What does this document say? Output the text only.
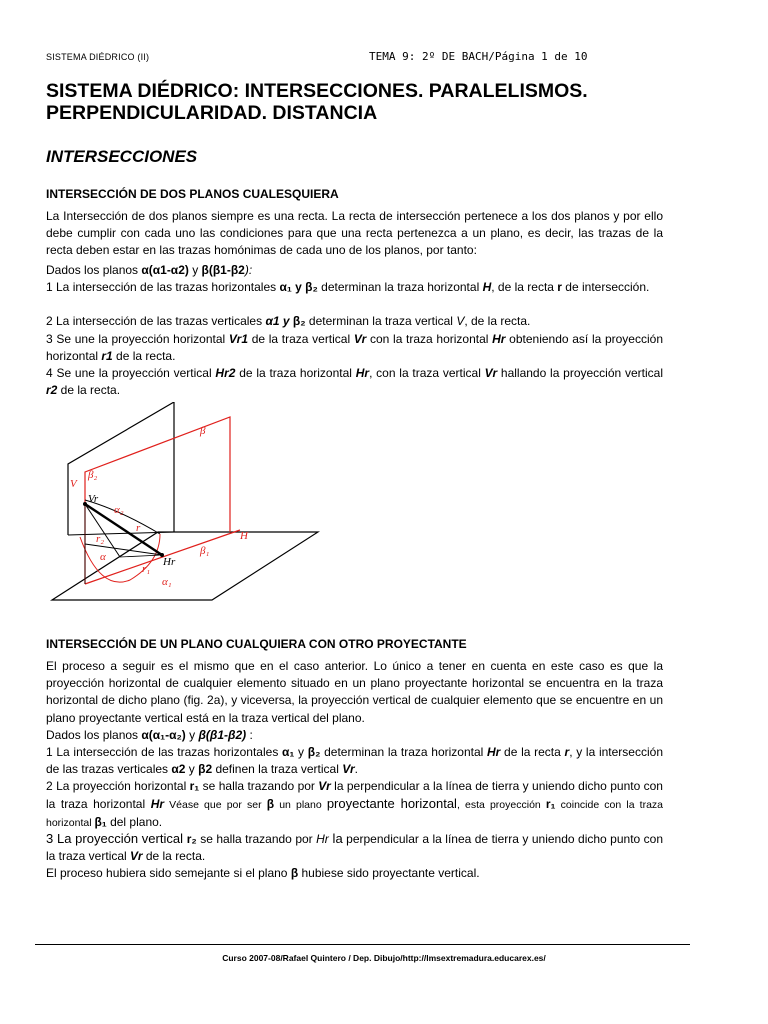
SISTEMA DIÉDRICO (II)	TEMA 9: 2º DE BACH/Página 1 de 10
SISTEMA DIÉDRICO: INTERSECCIONES. PARALELISMOS.
PERPENDICULARIDAD. DISTANCIA
INTERSECCIONES
INTERSECCIÓN DE DOS PLANOS CUALESQUIERA

La Intersección de dos planos siempre es una recta. La recta de intersección pertenece a los dos planos y por ello debe cumplir con cada uno las condiciones para que una recta pertenezca a un plano, es decir, las trazas de la recta deben estar en las trazas homónimas de cada uno de los planos, por tanto:

Dados los planos α(α1-α2) y β(β1-β2):

1 La intersección de las trazas horizontales α₁ y β₂ determinan la traza horizontal H, de la recta r de intersección.

2 La intersección de las trazas verticales α1 y β₂ determinan la traza vertical V, de la recta.

3 Se une la proyección horizontal Vr1 de la traza vertical Vr con la traza horizontal Hr obteniendo así la proyección horizontal r1 de la recta.

4 Se une la proyección vertical Hr2 de la traza horizontal Hr, con la traza vertical Vr hallando la proyección vertical r2 de la recta.

β
V
β₂
Vr
α₂
r
r₂
α
r₁
Hr
β₁
H
α₁
INTERSECCIÓN DE UN PLANO CUALQUIERA CON OTRO PROYECTANTE

El proceso a seguir es el mismo que en el caso anterior. Lo único a tener en cuenta en este caso es que la proyección horizontal de cualquier elemento situado en un plano proyectante horizontal se encuentra en la traza horizontal de dicho plano (fig. 2a), y viceversa, la proyección vertical de cualquier elemento que se encuentre en un plano proyectante vertical está en la traza vertical del plano.

Dados los planos α(α₁-α₂) y β(β1-β2) :

1 La intersección de las trazas horizontales α₁ y β₂ determinan la traza horizontal Hr de la recta r, y la intersección de las trazas verticales α2 y β2 definen la traza vertical Vr.

2 La proyección horizontal r₁ se halla trazando por Vr la perpendicular a la línea de tierra y uniendo dicho punto con la traza horizontal Hr Véase que por ser β un plano proyectante horizontal, esta proyección r₁ coincide con la traza horizontal β₁ del plano.

3 La proyección vertical r₂ se halla trazando por Hr la perpendicular a la línea de tierra y uniendo dicho punto con la traza vertical Vr de la recta.

El proceso hubiera sido semejante si el plano β hubiese sido proyectante vertical.

Curso 2007-08/Rafael Quintero / Dep. Dibujo/http://lmsextremadura.educarex.es/
